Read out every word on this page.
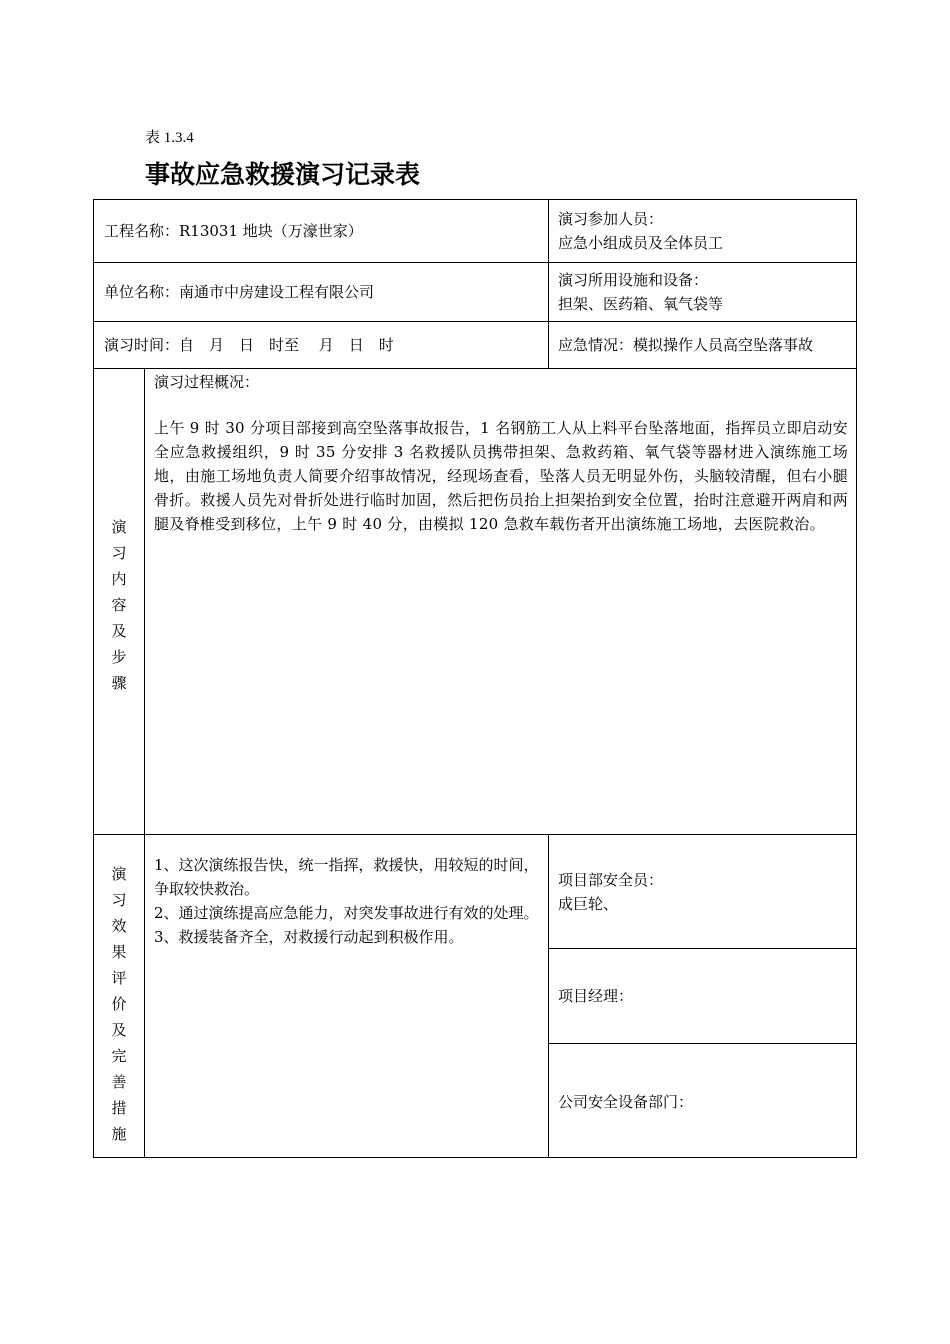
表 1.3.4
事故应急救援演习记录表
工程名称：R13031 地块（万濠世家）
演习参加人员：
应急小组成员及全体员工
单位名称：南通市中房建设工程有限公司
演习所用设施和设备：
担架、医药箱、氧气袋等
演习时间：自　月　日　时至　 月　日　时	应急情况：模拟操作人员高空坠落事故
演习内容及步骤
演习过程概况：
上午 9 时 30 分项目部接到高空坠落事故报告，1 名钢筋工人从上料平台坠落地面，指挥员立即启动安全应急救援组织，9 时 35 分安排 3 名救援队员携带担架、急救药箱、氧气袋等器材进入演练施工场地，由施工场地负责人简要介绍事故情况，经现场查看，坠落人员无明显外伤，头脑较清醒，但右小腿骨折。救援人员先对骨折处进行临时加固，然后把伤员抬上担架抬到安全位置，抬时注意避开两肩和两腿及脊椎受到移位，上午 9 时 40 分，由模拟 120 急救车载伤者开出演练施工场地，去医院救治。
演习效果评价及完善措施

1、这次演练报告快，统一指挥，救援快，用较短的时间，争取较快救治。

2、通过演练提高应急能力，对突发事故进行有效的处理。

3、救援装备齐全，对救援行动起到积极作用。

项目部安全员：
成巨轮、
项目经理：
公司安全设备部门：
